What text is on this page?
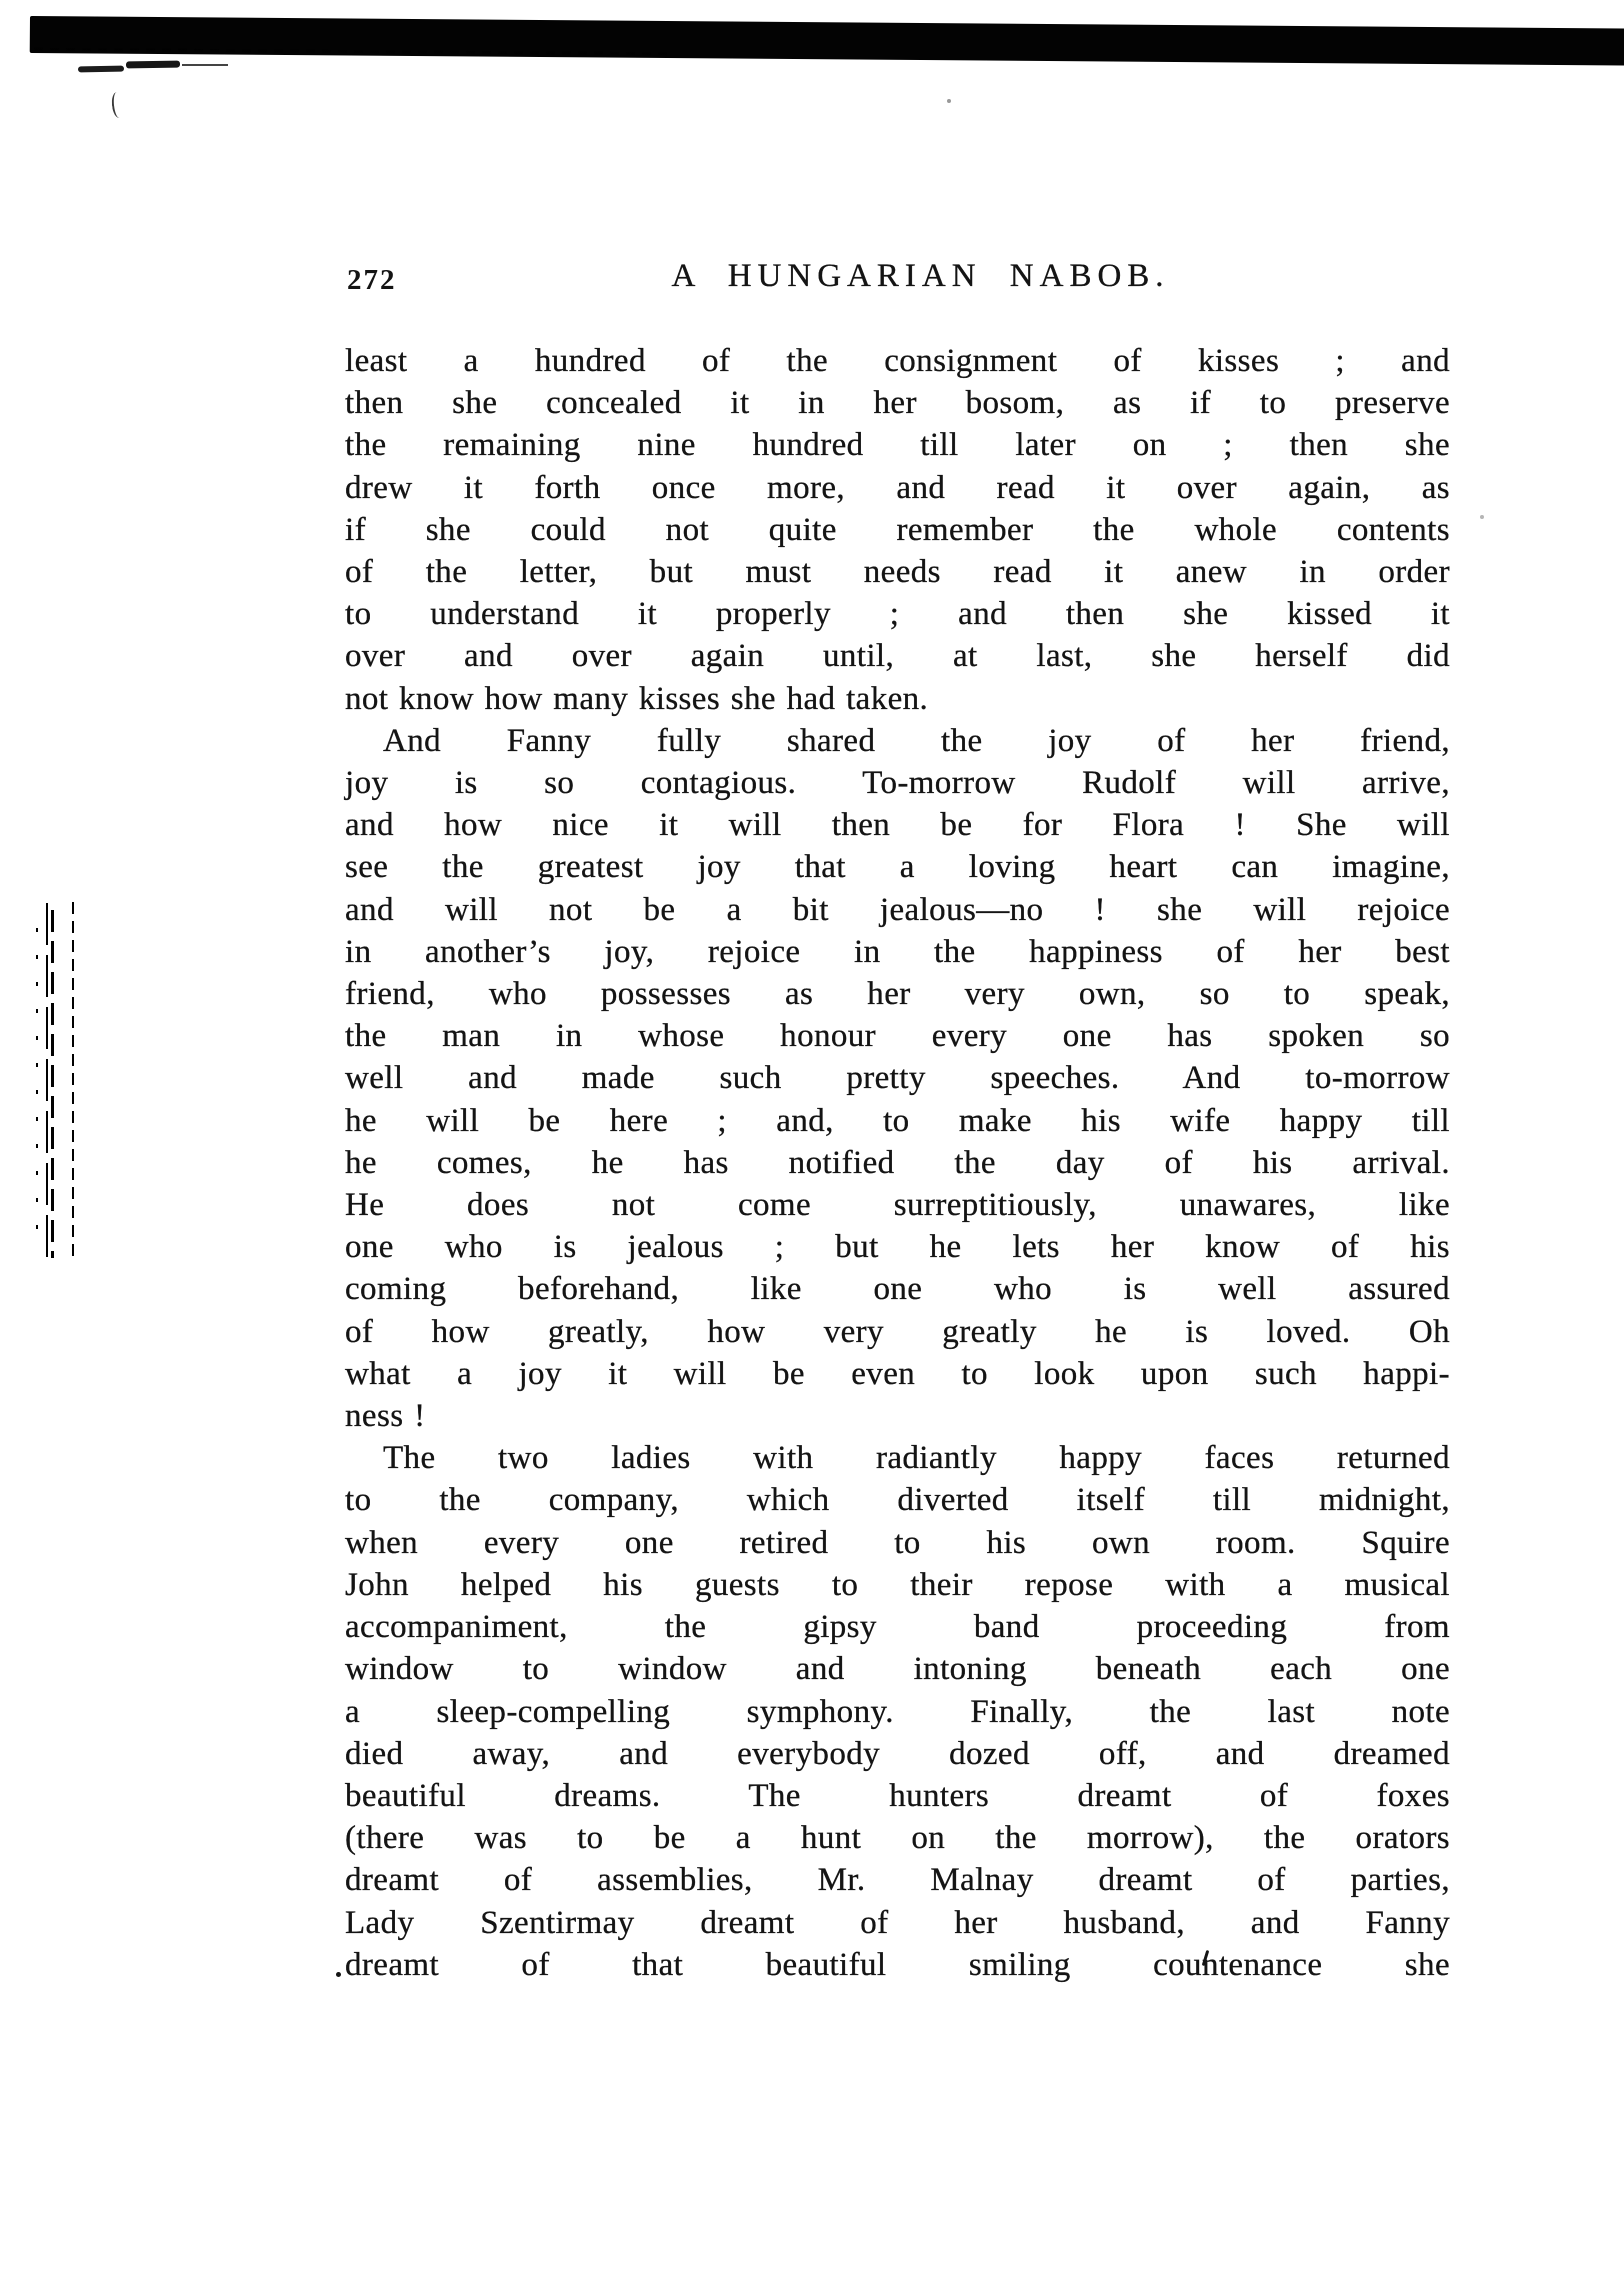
272	A HUNGARIAN NABOB.
least a hundred of the consignment of kisses ; and
then she concealed it in her bosom, as if to preserve
the remaining nine hundred till later on ; then she
drew it forth once more, and read it over again, as
if she could not quite remember the whole contents
of the letter, but must needs read it anew in order
to understand it properly ; and then she kissed it
over and over again until, at last, she herself did
not know how many kisses she had taken.
And Fanny fully shared the joy of her friend,
joy is so contagious. To-morrow Rudolf will arrive,
and how nice it will then be for Flora ! She will
see the greatest joy that a loving heart can imagine,
and will not be a bit jealous—no ! she will rejoice
in another’s joy, rejoice in the happiness of her best
friend, who possesses as her very own, so to speak,
the man in whose honour every one has spoken so
well and made such pretty speeches. And to-morrow
he will be here ; and, to make his wife happy till
he comes, he has notified the day of his arrival.
He does not come surreptitiously, unawares, like
one who is jealous ; but he lets her know of his
coming beforehand, like one who is well assured
of how greatly, how very greatly he is loved. Oh
what a joy it will be even to look upon such happi-
ness !
The two ladies with radiantly happy faces returned
to the company, which diverted itself till midnight,
when every one retired to his own room. Squire
John helped his guests to their repose with a musical
accompaniment, the gipsy band proceeding from
window to window and intoning beneath each one
a sleep-compelling symphony. Finally, the last note
died away, and everybody dozed off, and dreamed
beautiful dreams. The hunters dreamt of foxes
(there was to be a hunt on the morrow), the orators
dreamt of assemblies, Mr. Malnay dreamt of parties,
Lady Szentirmay dreamt of her husband, and Fanny
dreamt of that beautiful smiling countenance she
